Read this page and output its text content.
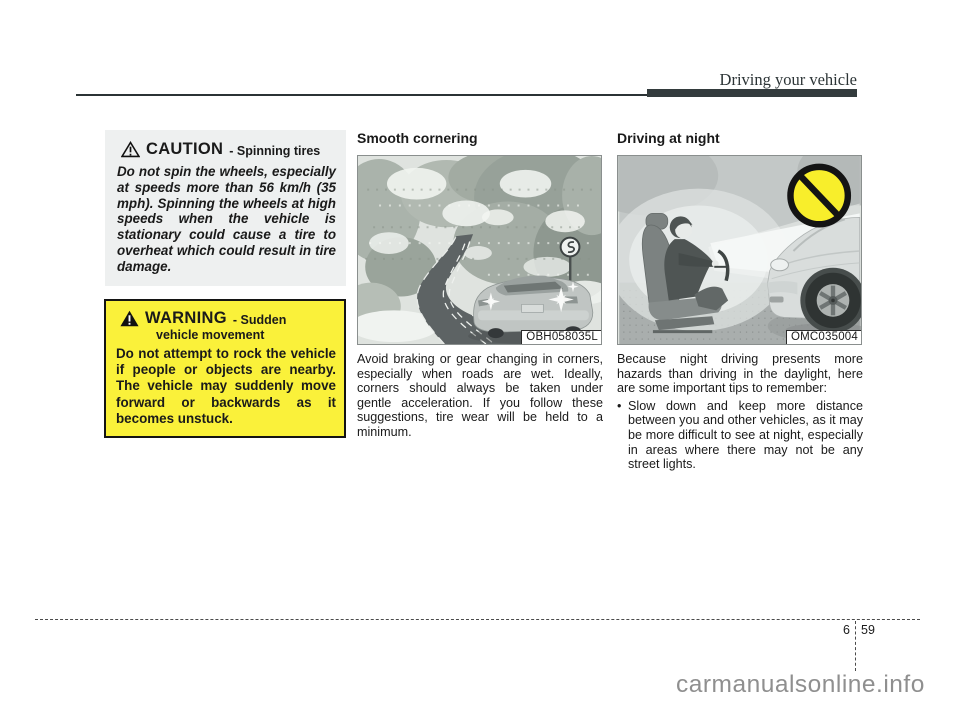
Driving your vehicle
CAUTION - Spinning tires
Do not spin the wheels, especially at speeds more than 56 km/h (35 mph). Spinning the wheels at high speeds when the vehicle is stationary could cause a tire to overheat which could result in tire damage.
WARNING - Sudden
vehicle movement
Do not attempt to rock the vehicle if people or objects are nearby. The vehicle may suddenly move forward or backwards as it becomes unstuck.
Smooth cornering
OBH058035L
Avoid braking or gear changing in corners, especially when roads are wet. Ideally, corners should always be taken under gentle acceleration. If you follow these suggestions, tire wear will be held to a minimum.
Driving at night
OMC035004
Because night driving presents more hazards than driving in the daylight, here are some important tips to remember:
• Slow down and keep more distance between you and other vehicles, as it may be more difficult to see at night, especially in areas where there may not be any street lights.
6 59
carmanualsonline.info
